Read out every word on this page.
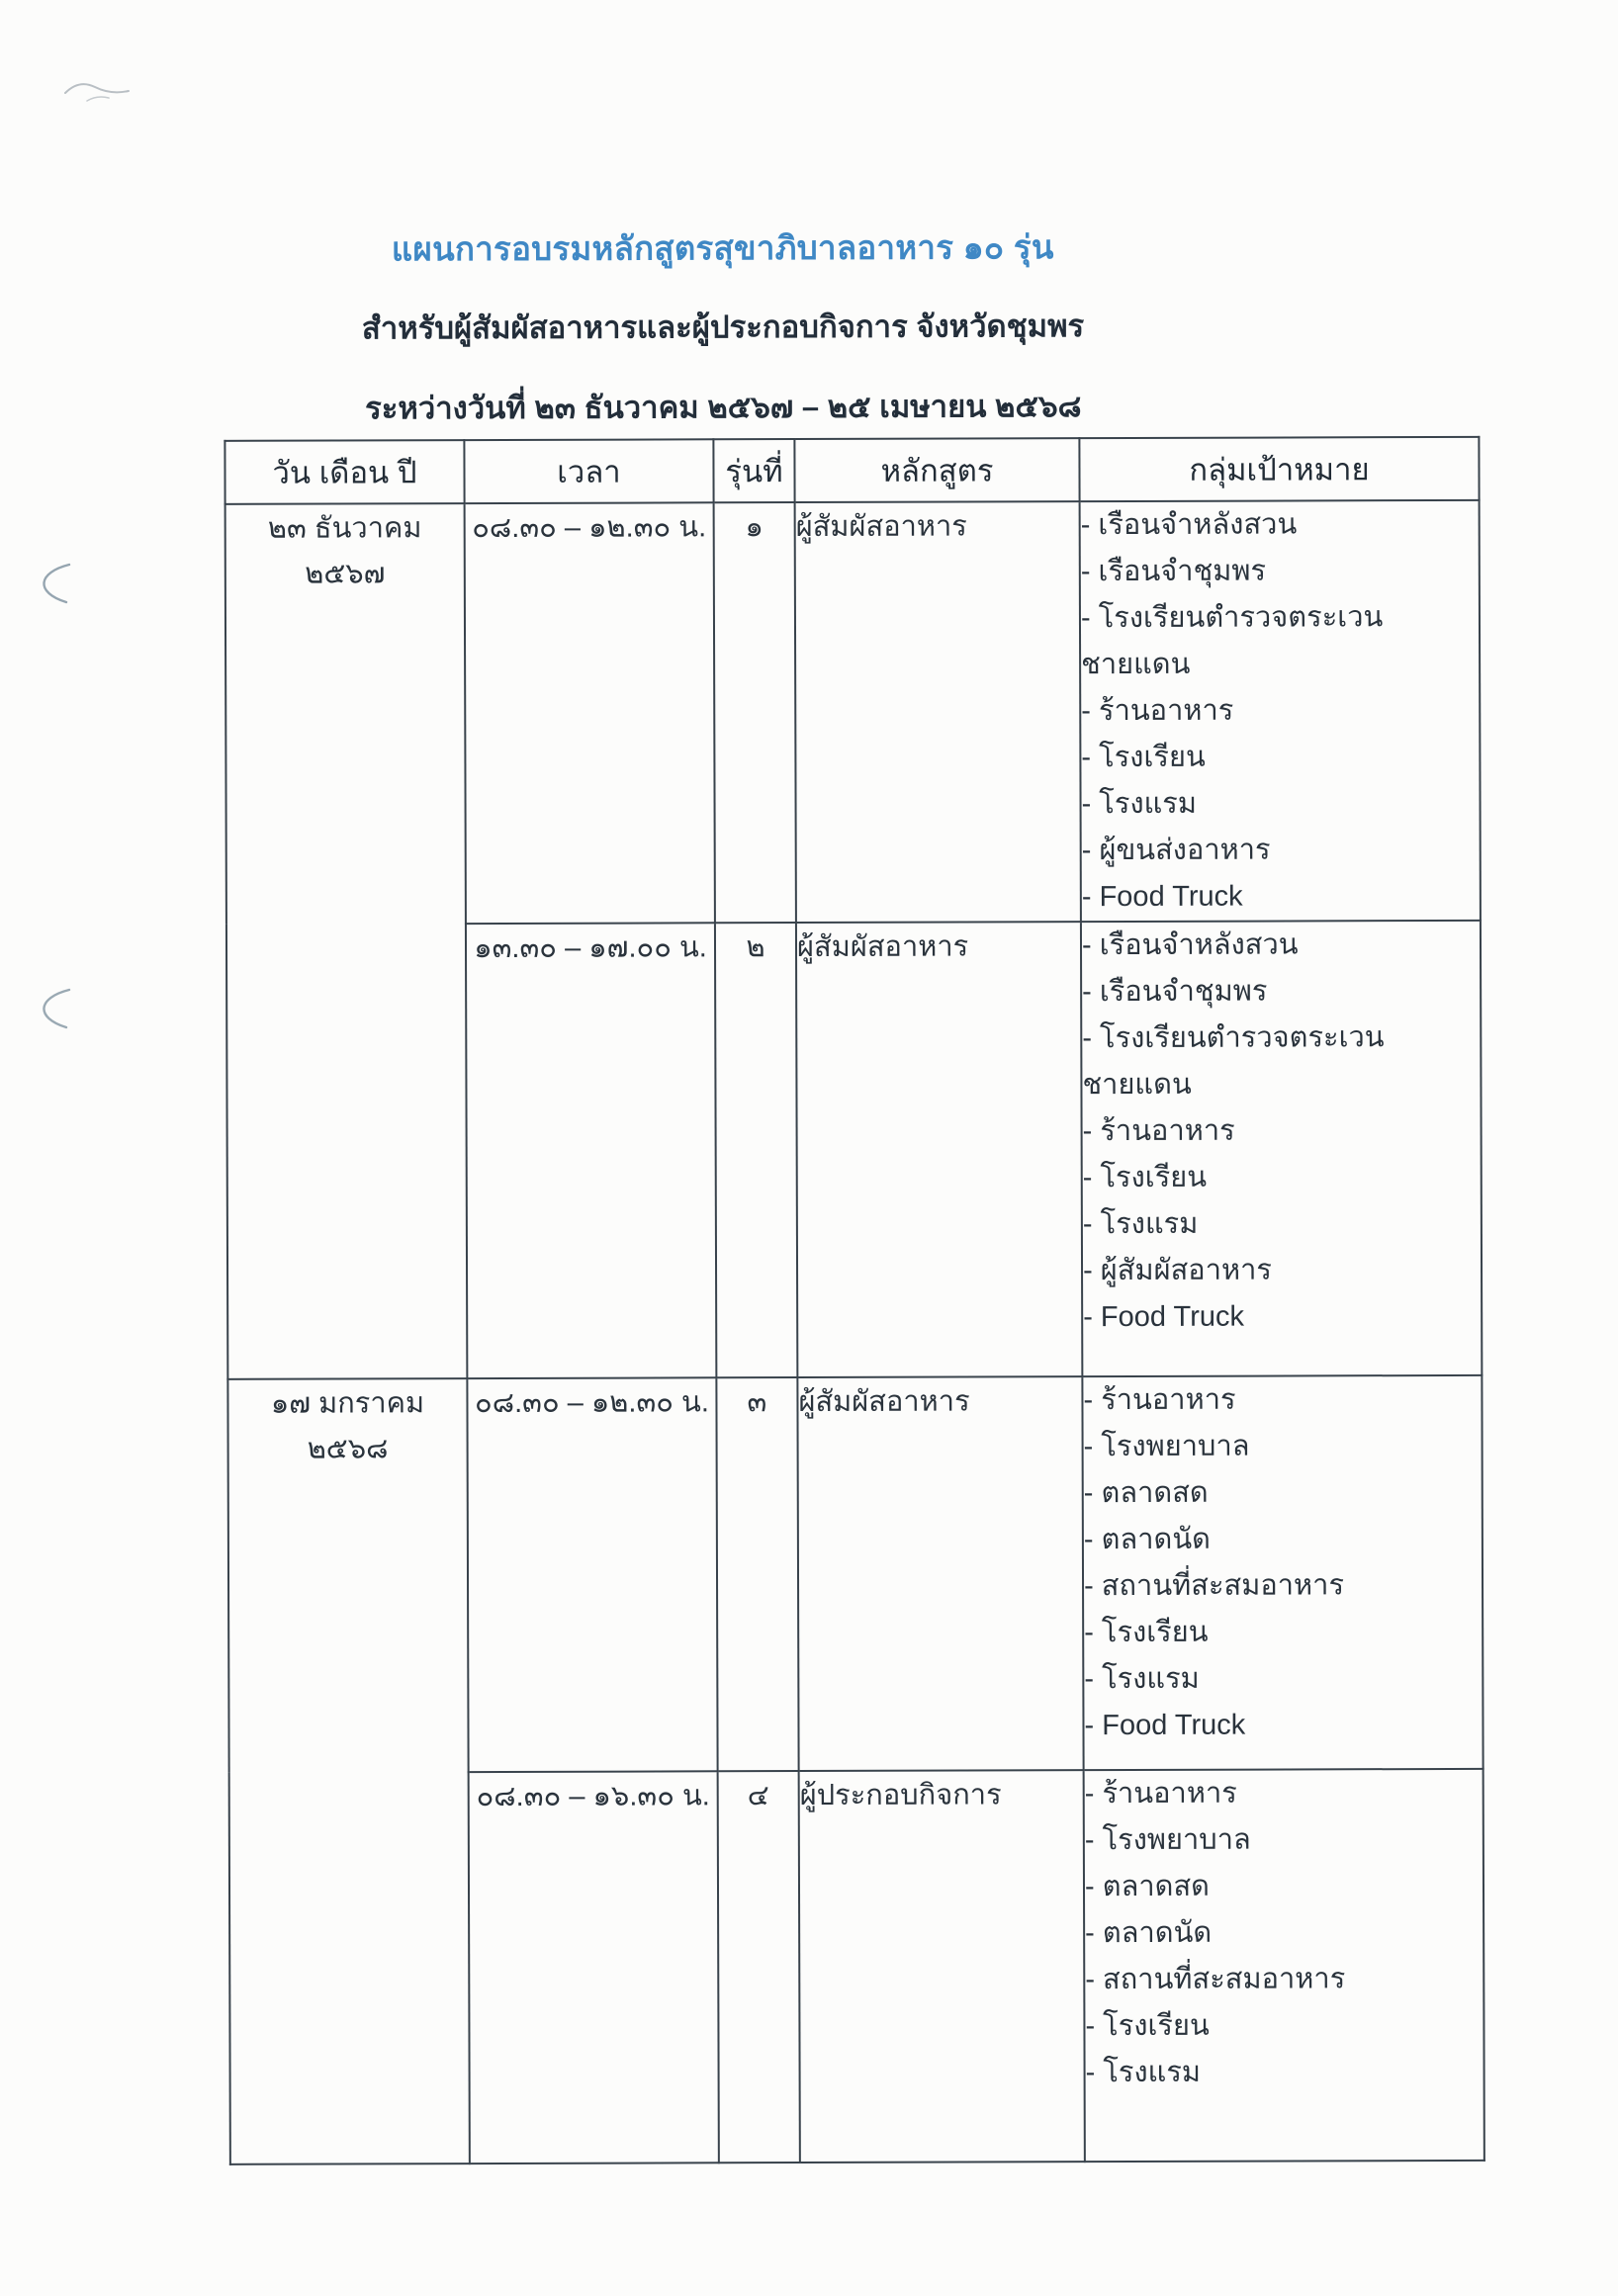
แผนการอบรมหลักสูตรสุขาภิบาลอาหาร ๑๐ รุ่น
สำหรับผู้สัมผัสอาหารและผู้ประกอบกิจการ จังหวัดชุมพร
ระหว่างวันที่ ๒๓ ธันวาคม ๒๕๖๗ – ๒๕ เมษายน ๒๕๖๘
วัน เดือน ปี	เวลา	รุ่นที่	หลักสูตร	กลุ่มเป้าหมาย
๒๓ ธันวาคม ๒๕๖๗	๐๘.๓๐ – ๑๒.๓๐ น.	๑	ผู้สัมผัสอาหาร	- เรือนจำหลังสวน
- เรือนจำชุมพร
- โรงเรียนตำรวจตระเวน
ชายแดน
- ร้านอาหาร
- โรงเรียน
- โรงแรม
- ผู้ขนส่งอาหาร
- Food Truck

๑๓.๓๐ – ๑๗.๐๐ น.	๒	ผู้สัมผัสอาหาร	- เรือนจำหลังสวน
- เรือนจำชุมพร
- โรงเรียนตำรวจตระเวน
ชายแดน
- ร้านอาหาร
- โรงเรียน
- โรงแรม
- ผู้สัมผัสอาหาร
- Food Truck

๑๗ มกราคม ๒๕๖๘	๐๘.๓๐ – ๑๒.๓๐ น.	๓	ผู้สัมผัสอาหาร	- ร้านอาหาร
- โรงพยาบาล
- ตลาดสด
- ตลาดนัด
- สถานที่สะสมอาหาร
- โรงเรียน
- โรงแรม
- Food Truck

๐๘.๓๐ – ๑๖.๓๐ น.	๔	ผู้ประกอบกิจการ	- ร้านอาหาร
- โรงพยาบาล
- ตลาดสด
- ตลาดนัด
- สถานที่สะสมอาหาร
- โรงเรียน
- โรงแรม
